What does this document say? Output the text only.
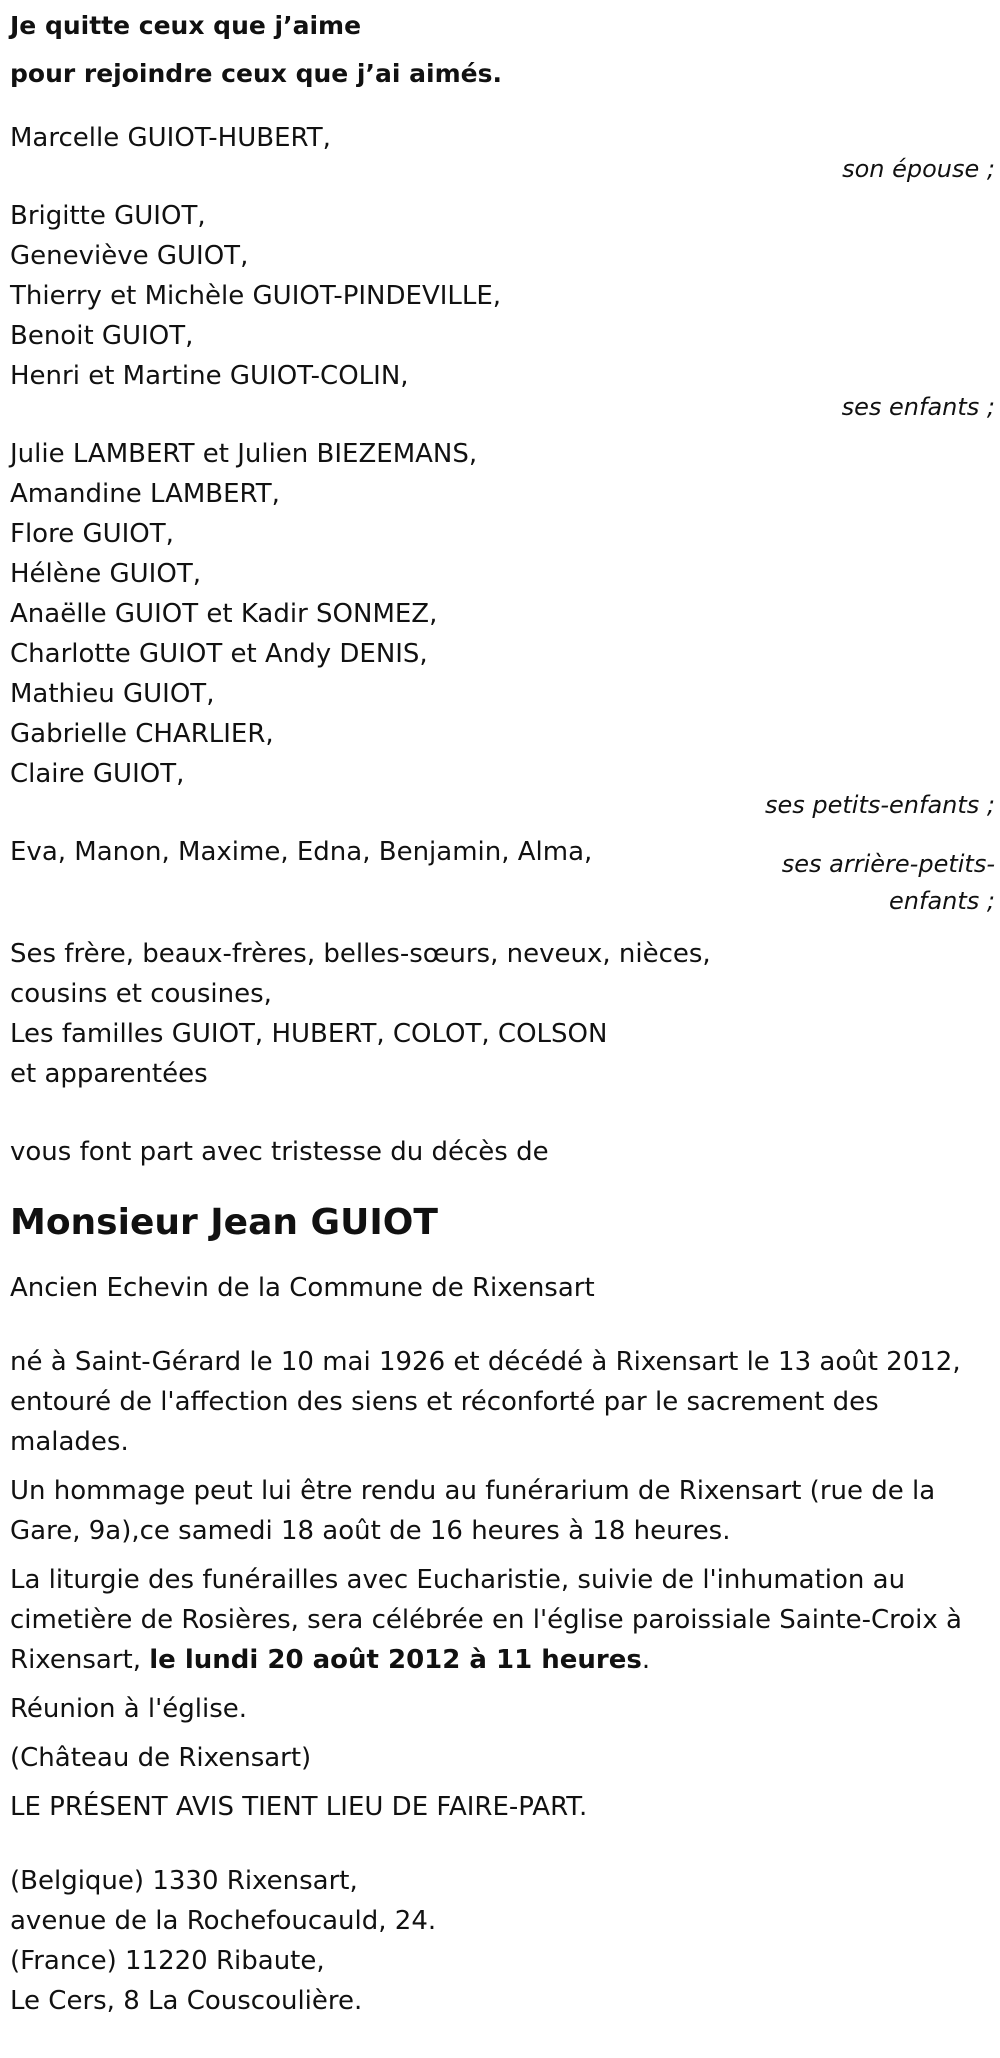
Je quitte ceux que j’aime

pour rejoindre ceux que j’ai aimés.

Marcelle GUIOT-HUBERT,

son épouse ;

Brigitte GUIOT,

Geneviève GUIOT,

Thierry et Michèle GUIOT-PINDEVILLE,

Benoit GUIOT,

Henri et Martine GUIOT-COLIN,

ses enfants ;

Julie LAMBERT et Julien BIEZEMANS,

Amandine LAMBERT,

Flore GUIOT,

Hélène GUIOT,

Anaëlle GUIOT et Kadir SONMEZ,

Charlotte GUIOT et Andy DENIS,

Mathieu GUIOT,

Gabrielle CHARLIER,

Claire GUIOT,

ses petits-enfants ;

Eva, Manon, Maxime, Edna, Benjamin, Alma,	ses arrière-petits-
enfants ;

Ses frère, beaux-frères, belles-sœurs, neveux, nièces,

cousins et cousines,

Les familles GUIOT, HUBERT, COLOT, COLSON

et apparentées

vous font part avec tristesse du décès de

Monsieur Jean GUIOT

Ancien Echevin de la Commune de Rixensart

né à Saint-Gérard le 10 mai 1926 et décédé à Rixensart le 13 août 2012, entouré de l'affection des siens et réconforté par le sacrement des malades.

Un hommage peut lui être rendu au funérarium de Rixensart (rue de la Gare, 9a),ce samedi 18 août de 16 heures à 18 heures.

La liturgie des funérailles avec Eucharistie, suivie de l'inhumation au cimetière de Rosières, sera célébrée en l'église paroissiale Sainte-Croix à Rixensart, le lundi 20 août 2012 à 11 heures.

Réunion à l'église.

(Château de Rixensart)

LE PRÉSENT AVIS TIENT LIEU DE FAIRE-PART.

(Belgique) 1330 Rixensart,

avenue de la Rochefoucauld, 24.

(France) 11220 Ribaute,

Le Cers, 8 La Couscoulière.
